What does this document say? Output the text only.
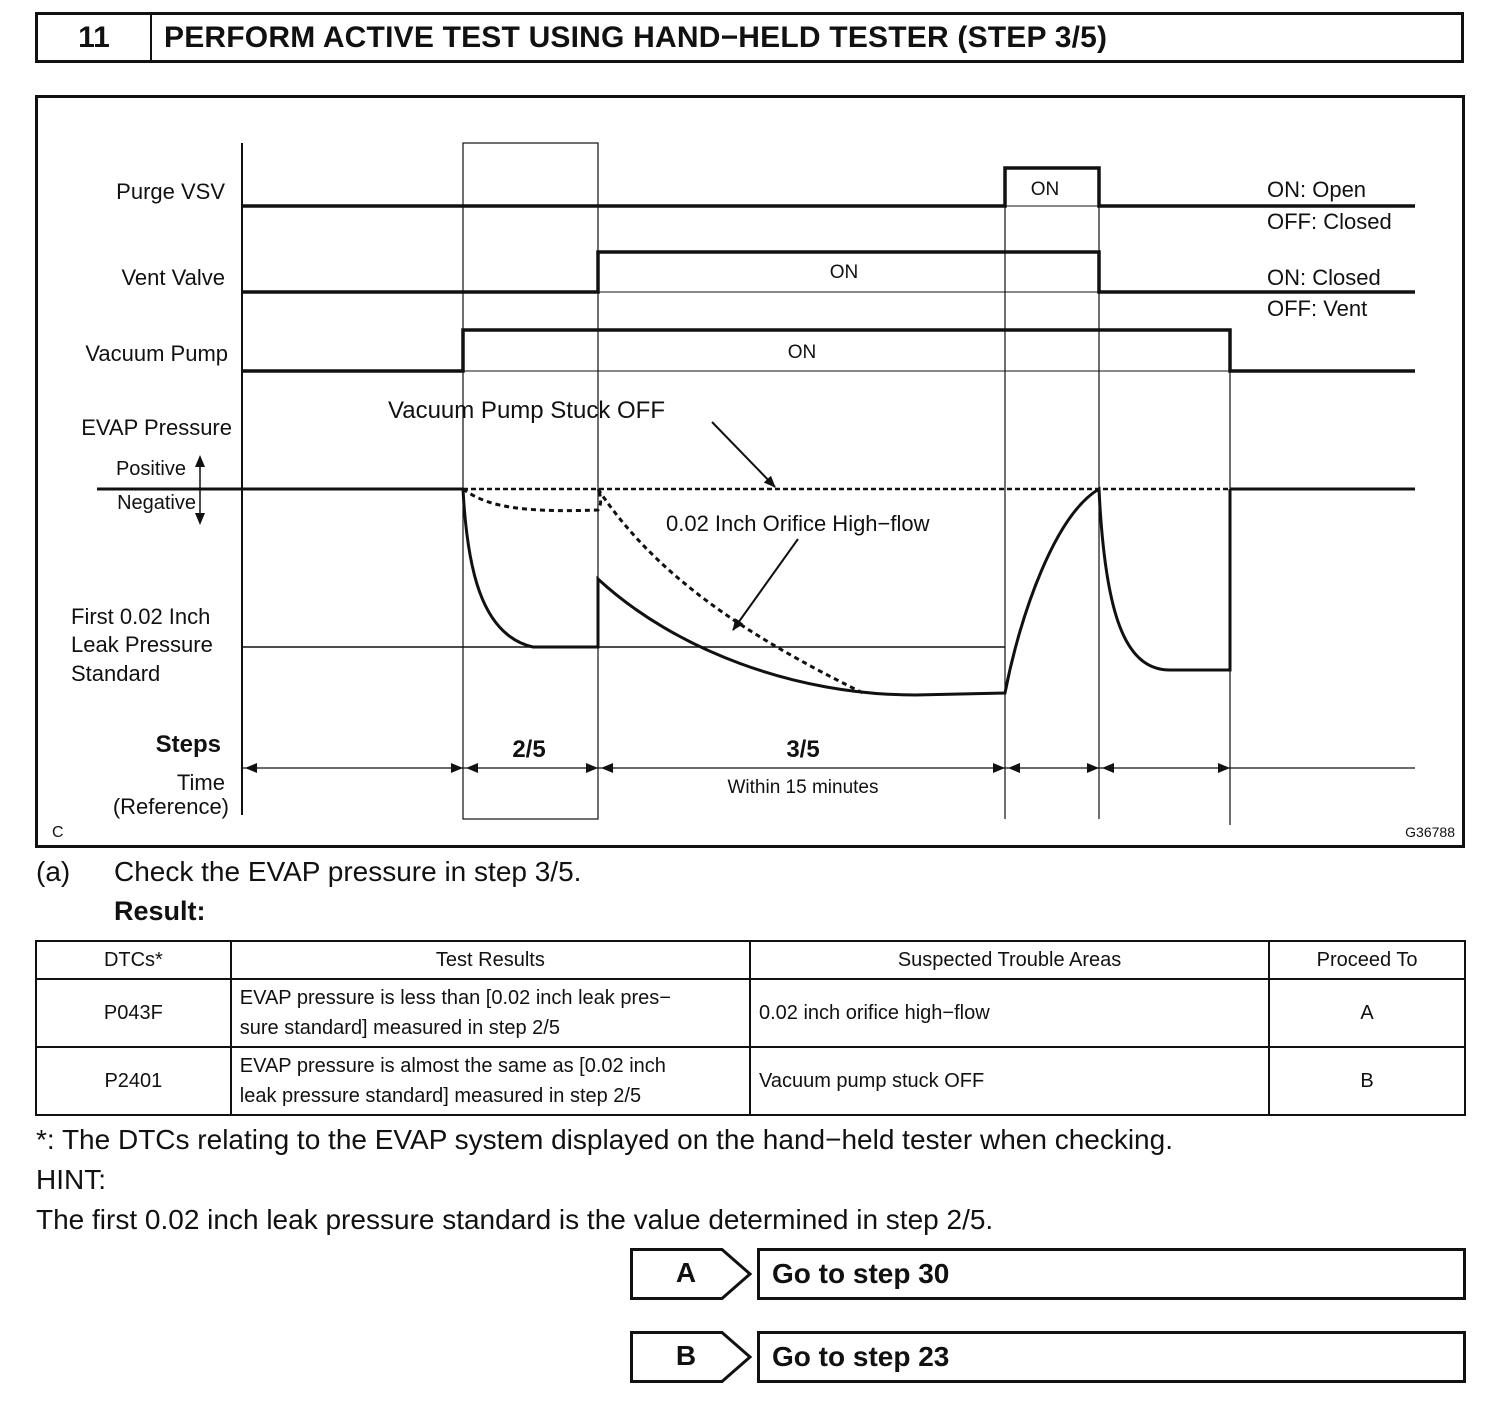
11	PERFORM ACTIVE TEST USING HAND−HELD TESTER (STEP 3/5)
Purge VSV
Vent Valve
Vacuum Pump
EVAP Pressure
Positive
Negative
First 0.02 Inch
Leak Pressure
Standard
ON
ON
ON
ON: Open
OFF: Closed
ON: Closed
OFF: Vent
Vacuum Pump Stuck OFF
0.02 Inch Orifice High−flow
Steps
Time
(Reference)
2/5	3/5
Within 15 minutes
C	G36788
(a) Check the EVAP pressure in step 3/5.
Result:
DTCs*	Test Results	Suspected Trouble Areas	Proceed To
P043F	EVAP pressure is less than [0.02 inch leak pres−
sure standard] measured in step 2/5	0.02 inch orifice high−flow	A
P2401	EVAP pressure is almost the same as [0.02 inch
leak pressure standard] measured in step 2/5	Vacuum pump stuck OFF	B
*: The DTCs relating to the EVAP system displayed on the hand−held tester when checking.
HINT:
The first 0.02 inch leak pressure standard is the value determined in step 2/5.
A	Go to step 30
B	Go to step 23
